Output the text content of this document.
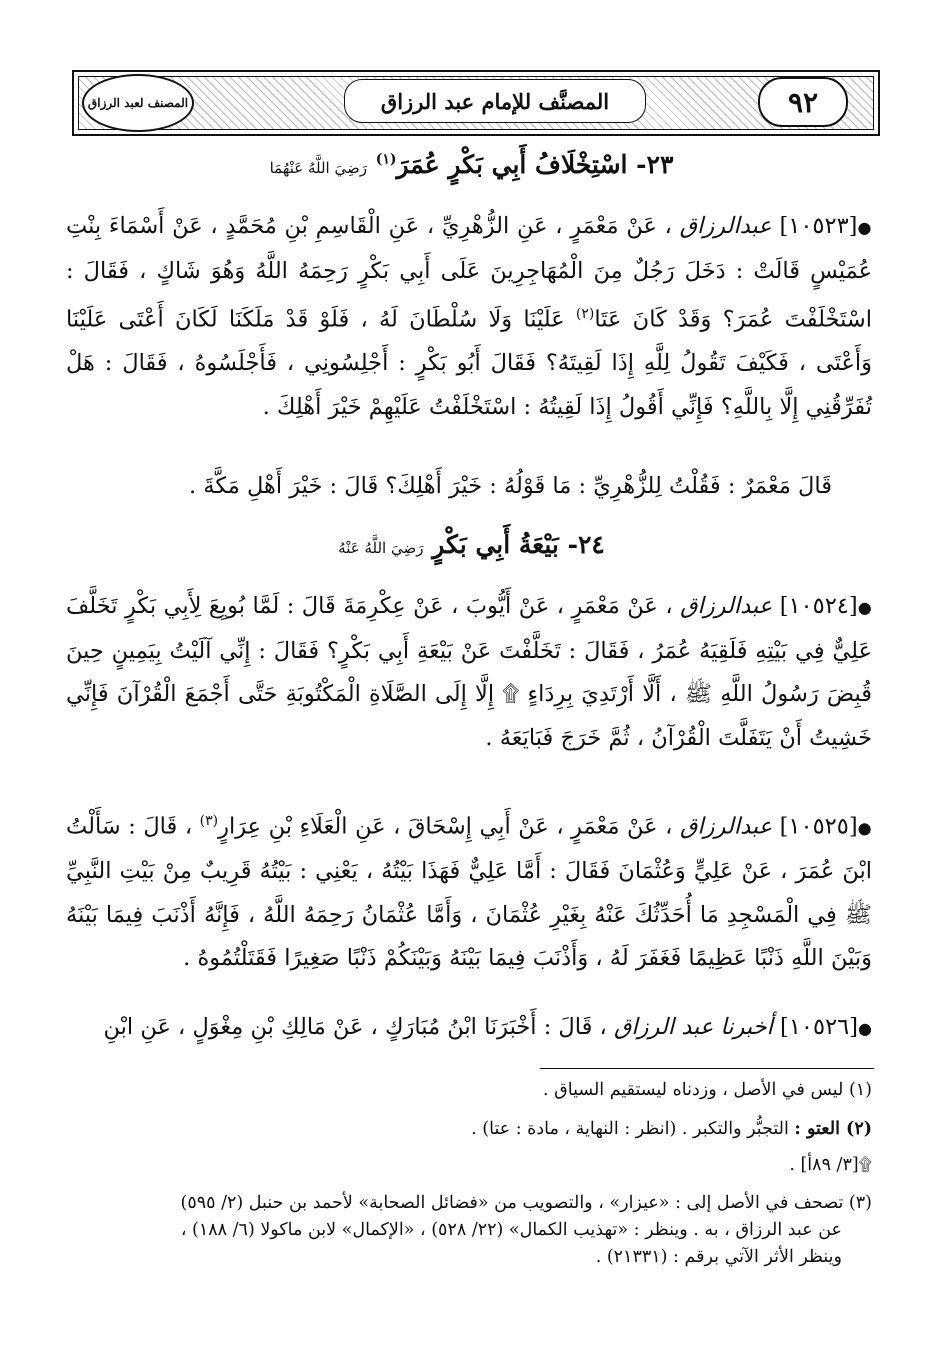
المصنف لعبد الرزاق	المصنَّف للإمام عبد الرزاق	٩٢
٢٣- اسْتِخْلَافُ أَبِي بَكْرٍ عُمَرَ$^{(١)}$ رَضِيَ اللَّهُ عَنْهُمَا
●[١٠٥٢٣] عبدالرزاق ، عَنْ مَعْمَرٍ ، عَنِ الزُّهْرِيِّ ، عَنِ الْقَاسِمِ بْنِ مُحَمَّدٍ ، عَنْ أَسْمَاءَ بِنْتِ عُمَيْسٍ قَالَتْ : دَخَلَ رَجُلٌ مِنَ الْمُهَاجِرِينَ عَلَى أَبِي بَكْرٍ رَحِمَهُ اللَّهُ وَهُوَ شَاكٍ ، فَقَالَ : اسْتَخْلَفْتَ عُمَرَ؟ وَقَدْ كَانَ عَتَا$^{(٢)}$ عَلَيْنَا وَلَا سُلْطَانَ لَهُ ، فَلَوْ قَدْ مَلَكَنَا لَكَانَ أَعْتَى عَلَيْنَا وَأَعْتَى ، فَكَيْفَ تَقُولُ لِلَّهِ إِذَا لَقِيتَهُ؟ فَقَالَ أَبُو بَكْرٍ : أَجْلِسُونِي ، فَأَجْلَسُوهُ ، فَقَالَ : هَلْ تُفَرِّقُنِي إِلَّا بِاللَّهِ؟ فَإِنِّي أَقُولُ إِذَا لَقِيتُهُ : اسْتَخْلَفْتُ عَلَيْهِمْ خَيْرَ أَهْلِكَ .
قَالَ مَعْمَرٌ : فَقُلْتُ لِلزُّهْرِيِّ : مَا قَوْلُهُ : خَيْرَ أَهْلِكَ؟ قَالَ : خَيْرَ أَهْلِ مَكَّةَ .
٢٤- بَيْعَةُ أَبِي بَكْرٍ رَضِيَ اللَّهُ عَنْهُ
●[١٠٥٢٤] عبدالرزاق ، عَنْ مَعْمَرٍ ، عَنْ أَيُّوبَ ، عَنْ عِكْرِمَةَ قَالَ : لَمَّا بُويِعَ لِأَبِي بَكْرٍ تَخَلَّفَ عَلِيٌّ فِي بَيْتِهِ فَلَقِيَهُ عُمَرُ ، فَقَالَ : تَخَلَّفْتَ عَنْ بَيْعَةِ أَبِي بَكْرٍ؟ فَقَالَ : إِنِّي آلَيْتُ بِيَمِينٍ حِينَ قُبِضَ رَسُولُ اللَّهِ ﷺ ، أَلَّا أَرْتَدِيَ بِرِدَاءٍ ۩ إِلَّا إِلَى الصَّلَاةِ الْمَكْتُوبَةِ حَتَّى أَجْمَعَ الْقُرْآنَ فَإِنِّي خَشِيتُ أَنْ يَتَفَلَّتَ الْقُرْآنُ ، ثُمَّ خَرَجَ فَبَايَعَهُ .
●[١٠٥٢٥] عبدالرزاق ، عَنْ مَعْمَرٍ ، عَنْ أَبِي إِسْحَاقَ ، عَنِ الْعَلَاءِ بْنِ عِرَارٍ$^{(٣)}$ ، قَالَ : سَأَلْتُ ابْنَ عُمَرَ ، عَنْ عَلِيٍّ وَعُثْمَانَ فَقَالَ : أَمَّا عَلِيٌّ فَهَذَا بَيْتُهُ ، يَعْنِي : بَيْتُهُ قَرِيبٌ مِنْ بَيْتِ النَّبِيِّ ﷺ فِي الْمَسْجِدِ مَا أُحَدِّثُكَ عَنْهُ بِغَيْرِ عُثْمَانَ ، وَأَمَّا عُثْمَانُ رَحِمَهُ اللَّهُ ، فَإِنَّهُ أَذْنَبَ فِيمَا بَيْنَهُ وَبَيْنَ اللَّهِ ذَنْبًا عَظِيمًا فَغَفَرَ لَهُ ، وَأَذْنَبَ فِيمَا بَيْنَهُ وَبَيْنَكُمْ ذَنْبًا صَغِيرًا فَقَتَلْتُمُوهُ .
●[١٠٥٢٦] أخبرنا عبد الرزاق ، قَالَ : أَخْبَرَنَا ابْنُ مُبَارَكٍ ، عَنْ مَالِكِ بْنِ مِغْوَلٍ ، عَنِ ابْنِ
(١) ليس في الأصل ، وزدناه ليستقيم السياق .
(٢) العتو : التجبُّر والتكبر . (انظر : النهاية ، مادة : عتا) .
۩[٣/ ٨٩أ] .
(٣) تصحف في الأصل إلى : «عيزار» ، والتصويب من «فضائل الصحابة» لأحمد بن حنبل (٢/ ٥٩٥)
عن عبد الرزاق ، به . وينظر : «تهذيب الكمال» (٢٢/ ٥٢٨) ، «الإكمال» لابن ماكولا (٦/ ١٨٨) ،
وينظر الأثر الآتي برقم : (٢١٣٣١) .
